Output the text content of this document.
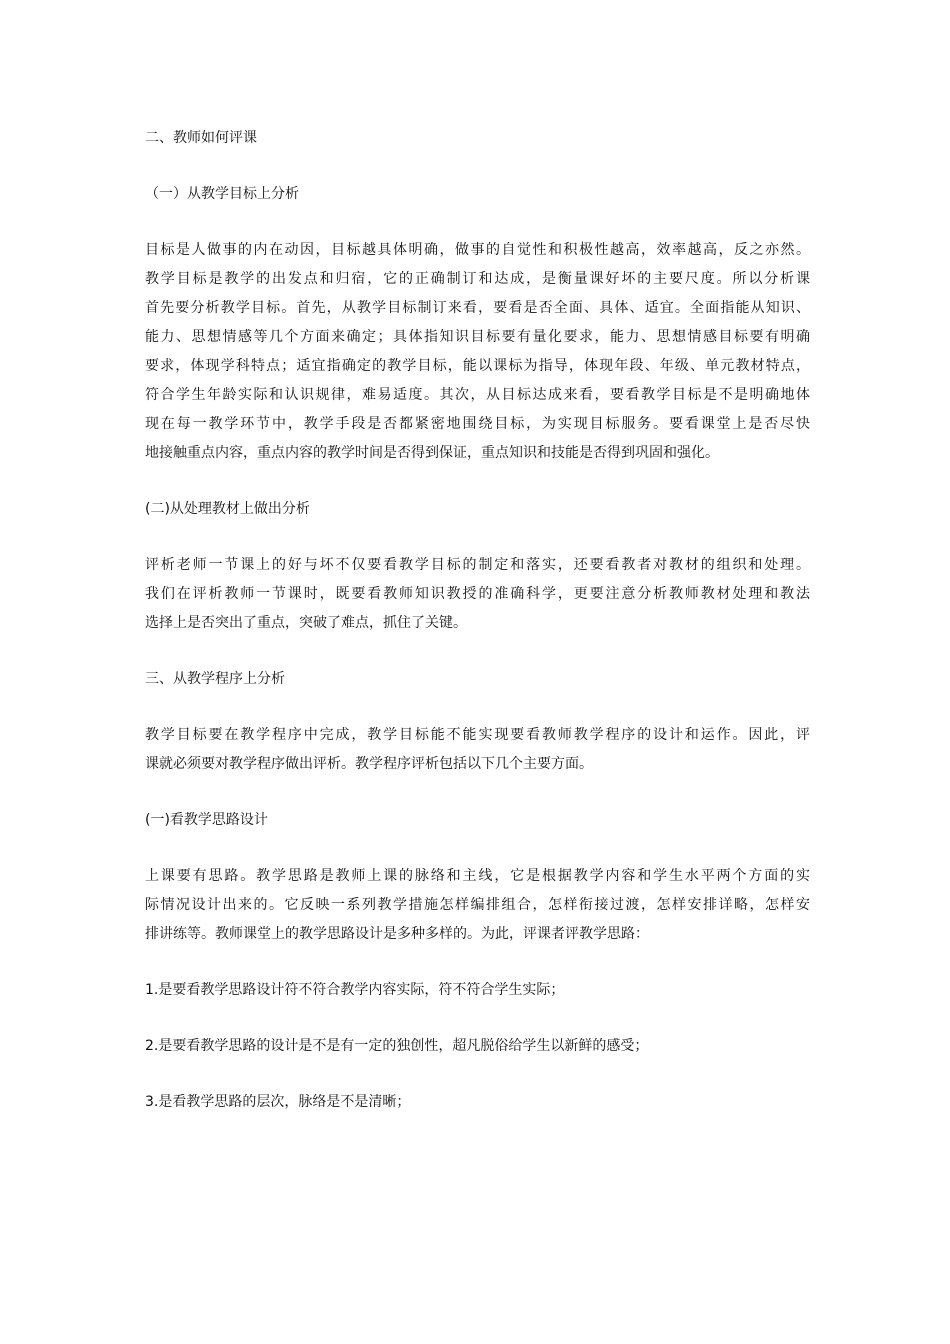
二、教师如何评课

（一）从教学目标上分析

目标是人做事的内在动因，目标越具体明确，做事的自觉性和积极性越高，效率越高，反之亦然。
教学目标是教学的出发点和归宿，它的正确制订和达成，是衡量课好坏的主要尺度。所以分析课
首先要分析教学目标。首先，从教学目标制订来看，要看是否全面、具体、适宜。全面指能从知识、
能力、思想情感等几个方面来确定；具体指知识目标要有量化要求，能力、思想情感目标要有明确
要求，体现学科特点；适宜指确定的教学目标，能以课标为指导，体现年段、年级、单元教材特点，
符合学生年龄实际和认识规律，难易适度。其次，从目标达成来看，要看教学目标是不是明确地体
现在每一教学环节中，教学手段是否都紧密地围绕目标，为实现目标服务。要看课堂上是否尽快
地接触重点内容，重点内容的教学时间是否得到保证，重点知识和技能是否得到巩固和强化。

(二)从处理教材上做出分析

评析老师一节课上的好与坏不仅要看教学目标的制定和落实，还要看教者对教材的组织和处理。
我们在评析教师一节课时，既要看教师知识教授的准确科学，更要注意分析教师教材处理和教法
选择上是否突出了重点，突破了难点，抓住了关键。

三、从教学程序上分析

教学目标要在教学程序中完成，教学目标能不能实现要看教师教学程序的设计和运作。因此，评
课就必须要对教学程序做出评析。教学程序评析包括以下几个主要方面。

(一)看教学思路设计

上课要有思路。教学思路是教师上课的脉络和主线，它是根据教学内容和学生水平两个方面的实
际情况设计出来的。它反映一系列教学措施怎样编排组合，怎样衔接过渡，怎样安排详略，怎样安
排讲练等。教师课堂上的教学思路设计是多种多样的。为此，评课者评教学思路：

1.是要看教学思路设计符不符合教学内容实际，符不符合学生实际；

2.是要看教学思路的设计是不是有一定的独创性，超凡脱俗给学生以新鲜的感受；

3.是看教学思路的层次，脉络是不是清晰；
